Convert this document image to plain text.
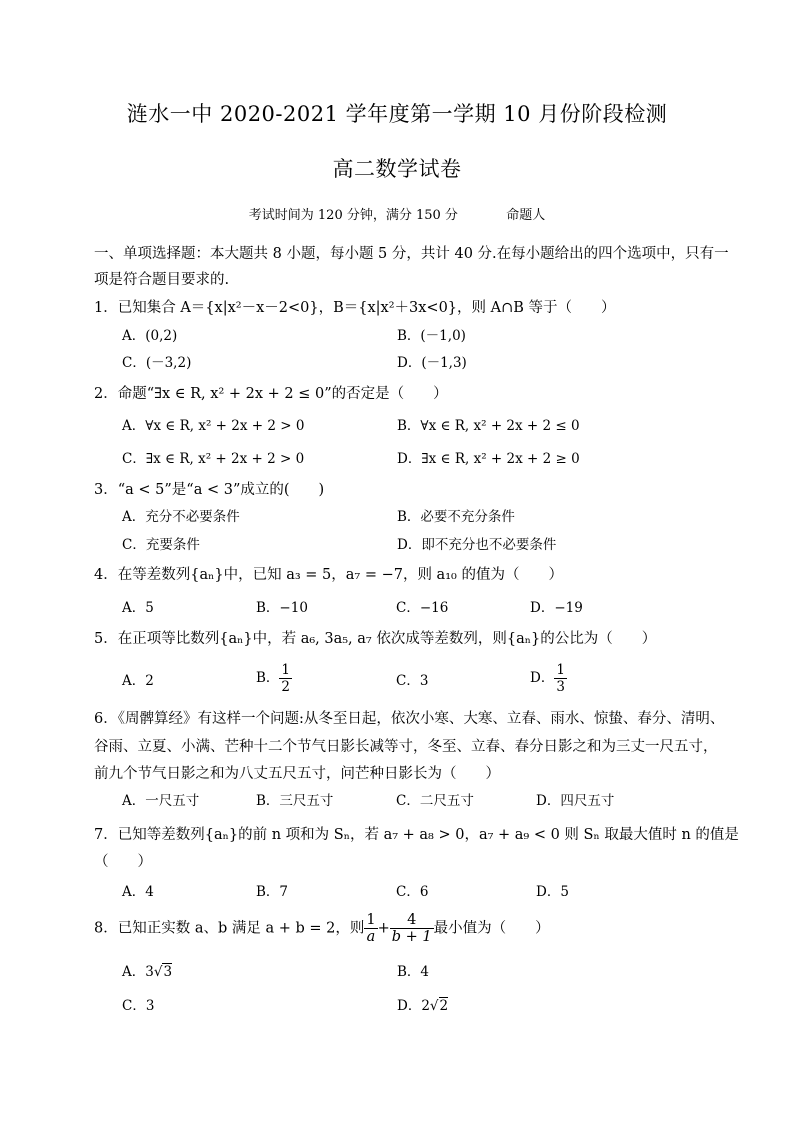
涟水一中 2020-2021 学年度第一学期 10 月份阶段检测
高二数学试卷
考试时间为 120 分钟，满分 150 分	命题人
一、单项选择题：本大题共 8 小题，每小题 5 分，共计 40 分.在每小题给出的四个选项中，只有一
项是符合题目要求的.
1．已知集合 A＝{x|x²－x－2<0}，B＝{x|x²＋3x<0}，则 A∩B 等于（　　）
A．(0,2)	B．(－1,0)
C．(－3,2)	D．(－1,3)
2．命题“∃x ∈ R, x² + 2x + 2 ≤ 0”的否定是（　　）
A．∀x ∈ R, x² + 2x + 2 > 0	B．∀x ∈ R, x² + 2x + 2 ≤ 0
C．∃x ∈ R, x² + 2x + 2 > 0	D．∃x ∈ R, x² + 2x + 2 ≥ 0
3．“a < 5”是“a < 3”成立的(　　)
A．充分不必要条件	B．必要不充分条件
C．充要条件	D．即不充分也不必要条件
4．在等差数列{aₙ}中，已知 a₃ = 5，a₇ = −7，则 a₁₀ 的值为（　　）
A．5	B．−10	C．−16	D．−19
5．在正项等比数列{aₙ}中，若 a₆, 3a₅, a₇ 依次成等差数列，则{aₙ}的公比为（　　）
A．2	B． $\frac{1}{2}$	C．3	D． $\frac{1}{3}$
6．《周髀算经》有这样一个问题:从冬至日起，依次小寒、大寒、立春、雨水、惊蛰、春分、清明、
谷雨、立夏、小满、芒种十二个节气日影长减等寸，冬至、立春、春分日影之和为三丈一尺五寸，
前九个节气日影之和为八丈五尺五寸，问芒种日影长为（　　）
A．一尺五寸	B．三尺五寸	C．二尺五寸	D．四尺五寸
7．已知等差数列{aₙ}的前 n 项和为 Sₙ，若 a₇ + a₈ > 0，a₇ + a₉ < 0 则 Sₙ 取最大值时 n 的值是
（　　）
A．4	B．7	C．6	D．5
8．已知正实数 a、b 满足 a + b = 2，则 $\frac{1}{a} + \frac{4}{b + 1}$ 最小值为（　　）
A．3√3	B．4
C．3	D．2√2
